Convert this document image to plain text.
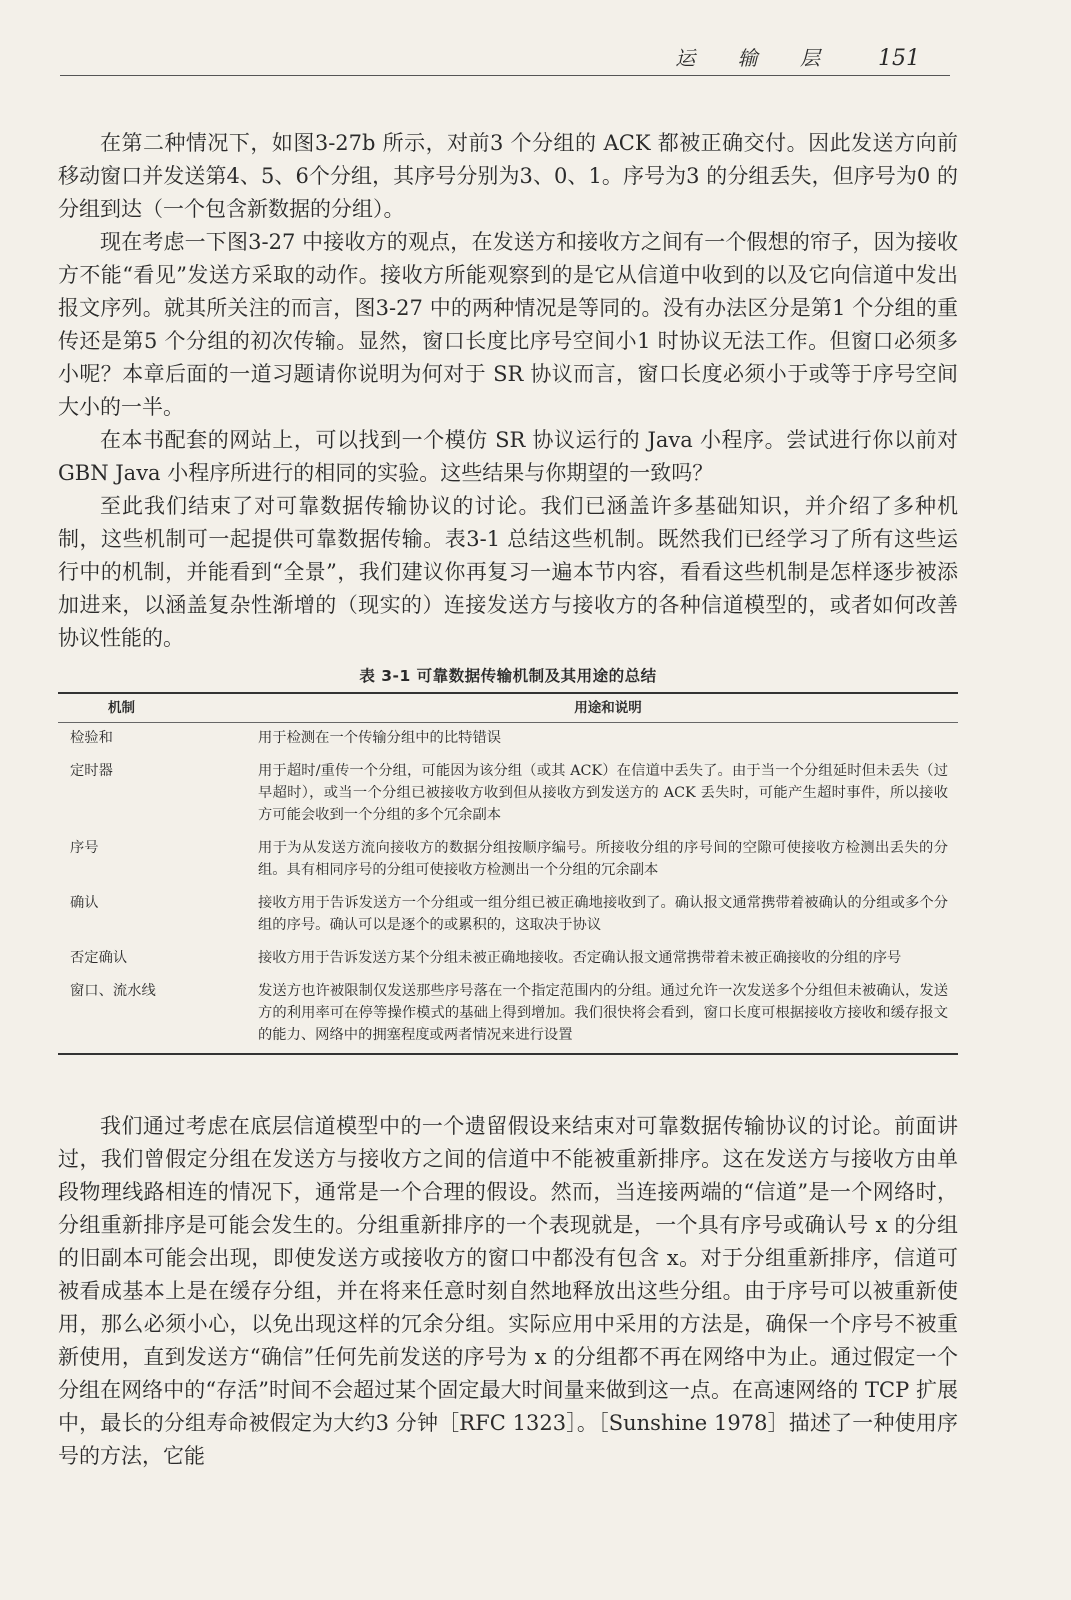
运 输 层 151

在第二种情况下，如图3-27b 所示，对前3 个分组的 ACK 都被正确交付。因此发送方向前移动窗口并发送第4、5、6个分组，其序号分别为3、0、1。序号为3 的分组丢失，但序号为0 的分组到达（一个包含新数据的分组）。

现在考虑一下图3-27 中接收方的观点，在发送方和接收方之间有一个假想的帘子，因为接收方不能“看见”发送方采取的动作。接收方所能观察到的是它从信道中收到的以及它向信道中发出报文序列。就其所关注的而言，图3-27 中的两种情况是等同的。没有办法区分是第1 个分组的重传还是第5 个分组的初次传输。显然，窗口长度比序号空间小1 时协议无法工作。但窗口必须多小呢？本章后面的一道习题请你说明为何对于 SR 协议而言，窗口长度必须小于或等于序号空间大小的一半。

在本书配套的网站上，可以找到一个模仿 SR 协议运行的 Java 小程序。尝试进行你以前对 GBN Java 小程序所进行的相同的实验。这些结果与你期望的一致吗？

至此我们结束了对可靠数据传输协议的讨论。我们已涵盖许多基础知识，并介绍了多种机制，这些机制可一起提供可靠数据传输。表3-1 总结这些机制。既然我们已经学习了所有这些运行中的机制，并能看到“全景”，我们建议你再复习一遍本节内容，看看这些机制是怎样逐步被添加进来，以涵盖复杂性渐增的（现实的）连接发送方与接收方的各种信道模型的，或者如何改善协议性能的。

表 3-1 可靠数据传输机制及其用途的总结
机制	用途和说明
检验和	用于检测在一个传输分组中的比特错误
定时器	用于超时/重传一个分组，可能因为该分组（或其 ACK）在信道中丢失了。由于当一个分组延时但未丢失（过早超时），或当一个分组已被接收方收到但从接收方到发送方的 ACK 丢失时，可能产生超时事件，所以接收方可能会收到一个分组的多个冗余副本
序号	用于为从发送方流向接收方的数据分组按顺序编号。所接收分组的序号间的空隙可使接收方检测出丢失的分组。具有相同序号的分组可使接收方检测出一个分组的冗余副本
确认	接收方用于告诉发送方一个分组或一组分组已被正确地接收到了。确认报文通常携带着被确认的分组或多个分组的序号。确认可以是逐个的或累积的，这取决于协议
否定确认	接收方用于告诉发送方某个分组未被正确地接收。否定确认报文通常携带着未被正确接收的分组的序号
窗口、流水线	发送方也许被限制仅发送那些序号落在一个指定范围内的分组。通过允许一次发送多个分组但未被确认，发送方的利用率可在停等操作模式的基础上得到增加。我们很快将会看到，窗口长度可根据接收方接收和缓存报文的能力、网络中的拥塞程度或两者情况来进行设置

我们通过考虑在底层信道模型中的一个遗留假设来结束对可靠数据传输协议的讨论。前面讲过，我们曾假定分组在发送方与接收方之间的信道中不能被重新排序。这在发送方与接收方由单段物理线路相连的情况下，通常是一个合理的假设。然而，当连接两端的“信道”是一个网络时，分组重新排序是可能会发生的。分组重新排序的一个表现就是，一个具有序号或确认号 x 的分组的旧副本可能会出现，即使发送方或接收方的窗口中都没有包含 x。对于分组重新排序，信道可被看成基本上是在缓存分组，并在将来任意时刻自然地释放出这些分组。由于序号可以被重新使用，那么必须小心，以免出现这样的冗余分组。实际应用中采用的方法是，确保一个序号不被重新使用，直到发送方“确信”任何先前发送的序号为 x 的分组都不再在网络中为止。通过假定一个分组在网络中的“存活”时间不会超过某个固定最大时间量来做到这一点。在高速网络的 TCP 扩展中，最长的分组寿命被假定为大约3 分钟［RFC 1323］。［Sunshine 1978］描述了一种使用序号的方法，它能
